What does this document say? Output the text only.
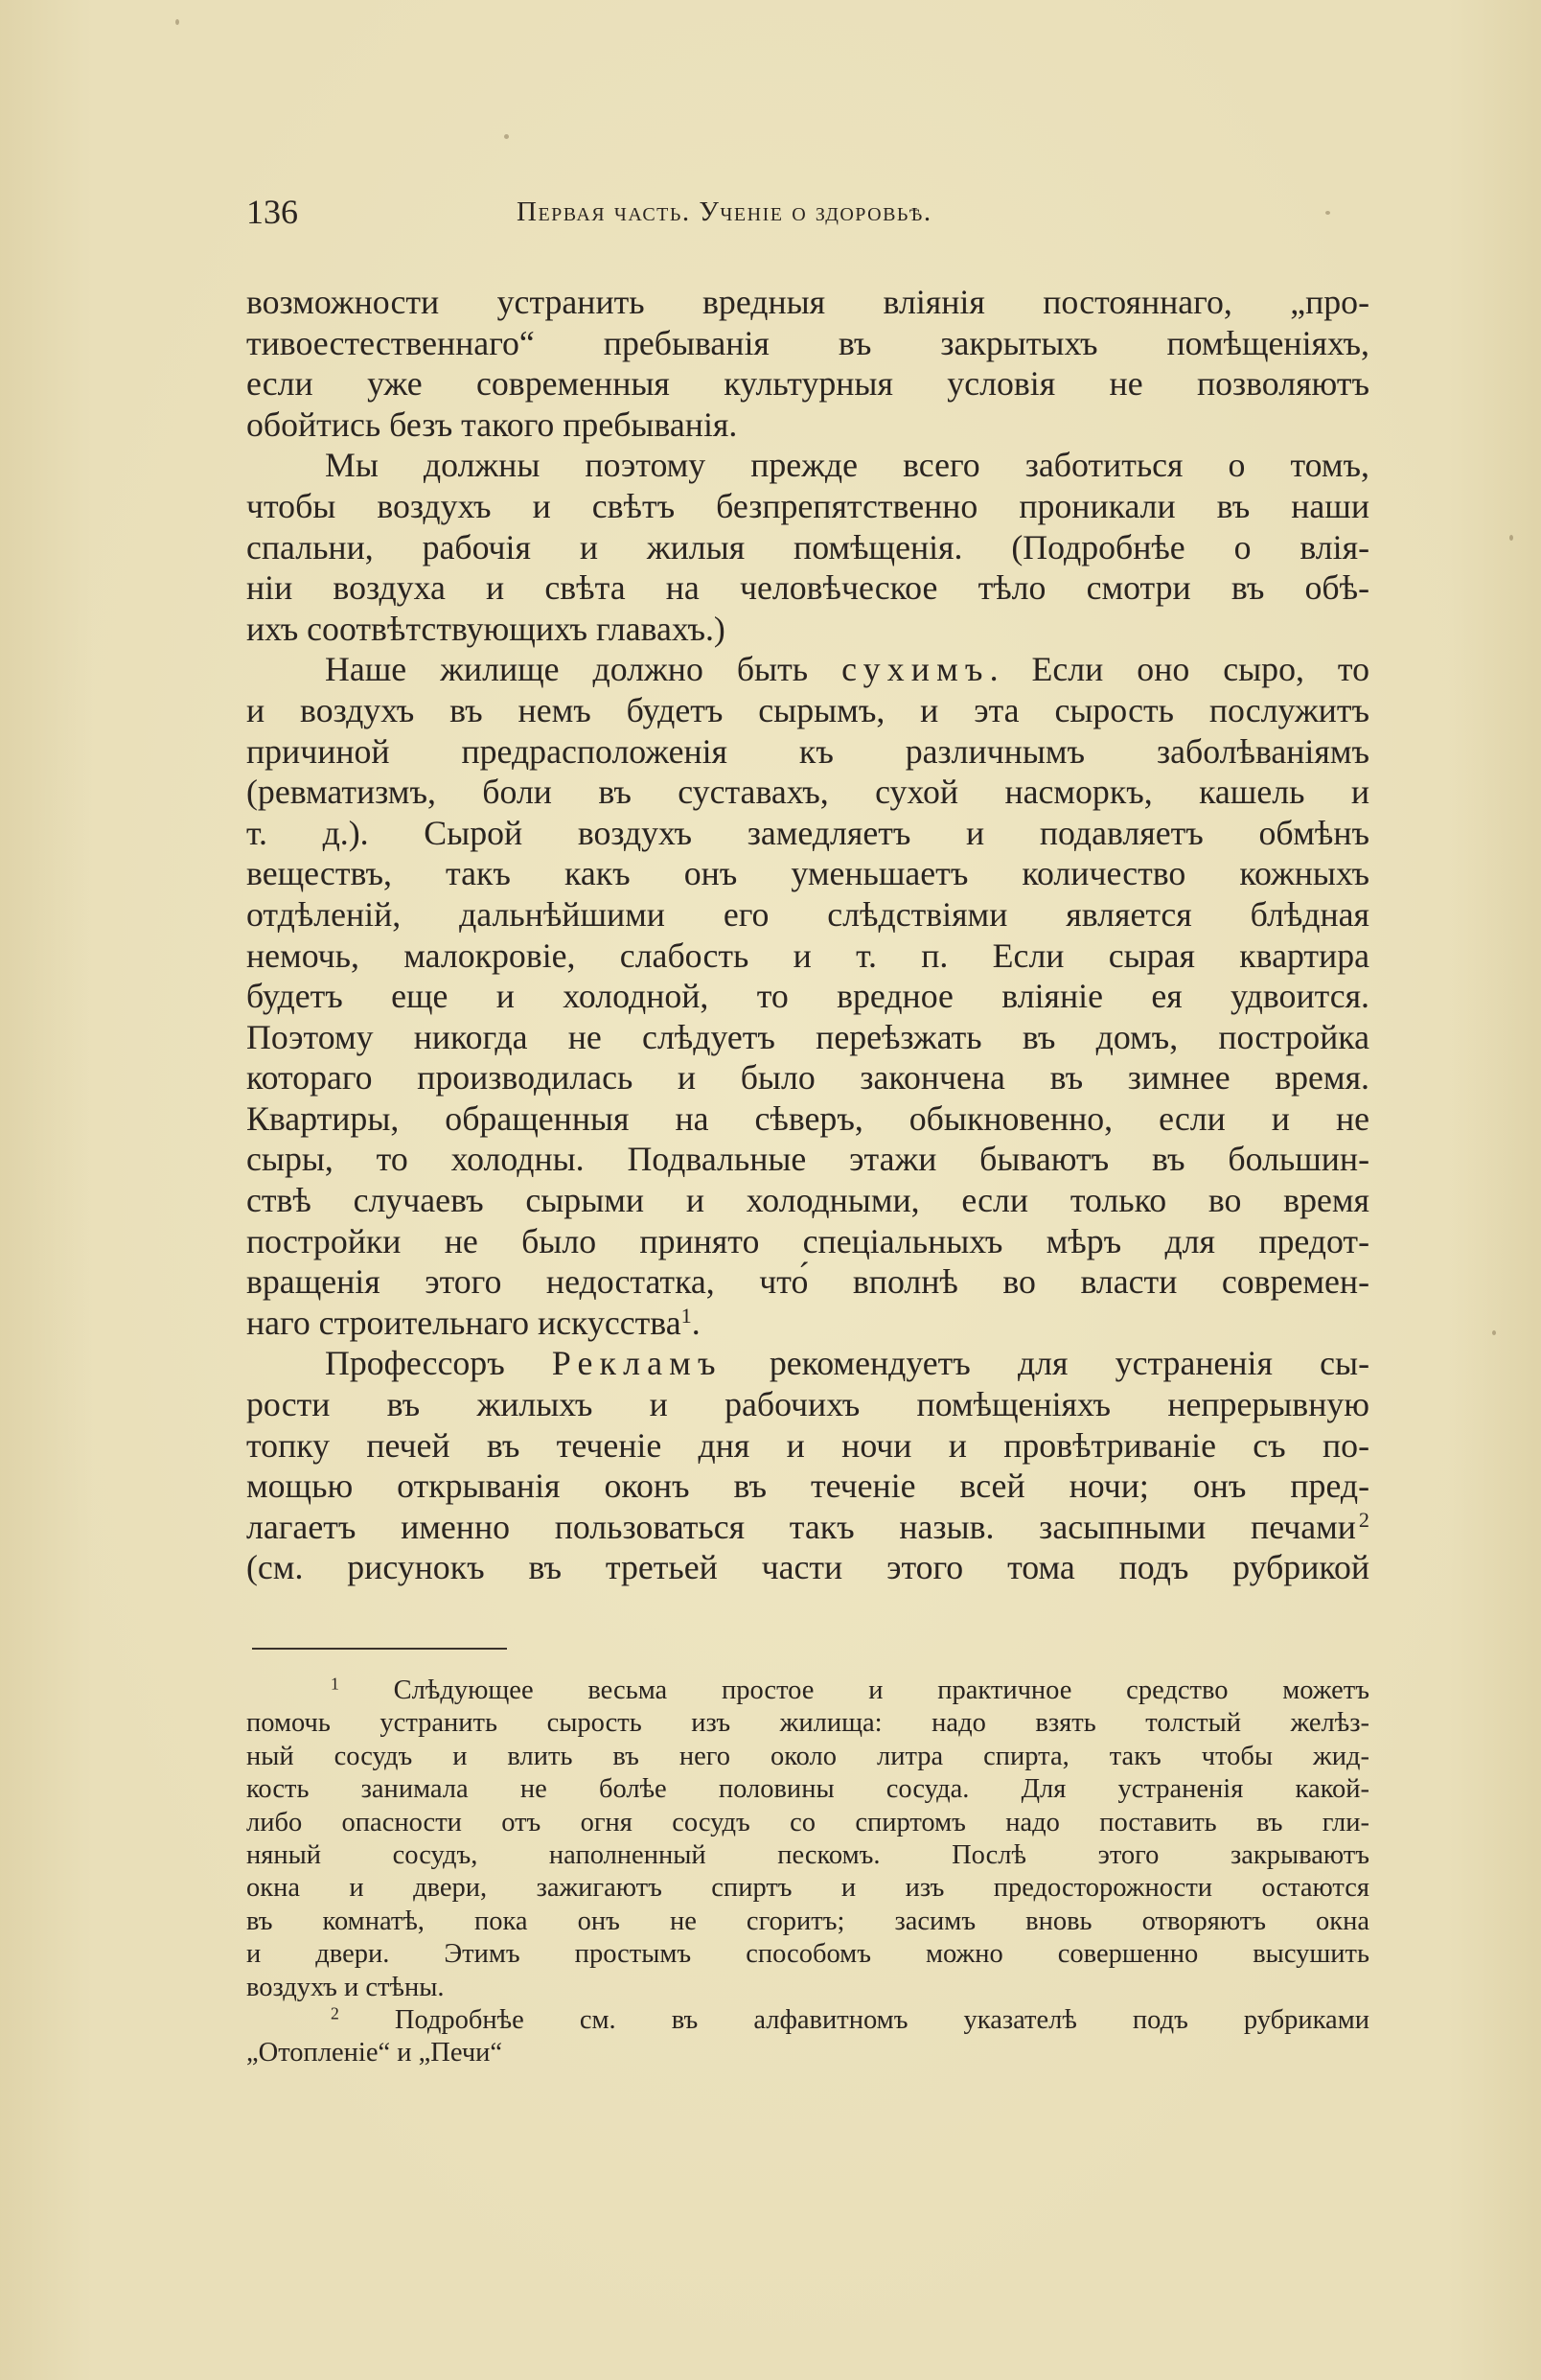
136	Первая часть. Ученіе о здоровьѣ.
возможности устранить вредныя вліянія постояннаго, „про-
тивоестественнаго“ пребыванія въ закрытыхъ помѣщеніяхъ,
если уже современныя культурныя условія не позволяютъ
обойтись безъ такого пребыванія.
Мы должны поэтому прежде всего заботиться о томъ,
чтобы воздухъ и свѣтъ безпрепятственно проникали въ наши
спальни, рабочія и жилыя помѣщенія. (Подробнѣе о влія-
ніи воздуха и свѣта на человѣческое тѣло смотри въ обѣ-
ихъ соотвѣтствующихъ главахъ.)
Наше жилище должно быть сухимъ. Если оно сыро, то
и воздухъ въ немъ будетъ сырымъ, и эта сырость послужитъ
причиной предрасположенія къ различнымъ заболѣваніямъ
(ревматизмъ, боли въ суставахъ, сухой насморкъ, кашель и
т. д.). Сырой воздухъ замедляетъ и подавляетъ обмѣнъ
веществъ, такъ какъ онъ уменьшаетъ количество кожныхъ
отдѣленій, дальнѣйшими его слѣдствіями является блѣдная
немочь, малокровіе, слабость и т. п. Если сырая квартира
будетъ еще и холодной, то вредное вліяніе ея удвоится.
Поэтому никогда не слѣдуетъ переѣзжать въ домъ, постройка
котораго производилась и было закончена въ зимнее время.
Квартиры, обращенныя на сѣверъ, обыкновенно, если и не
сыры, то холодны. Подвальные этажи бываютъ въ большин-
ствѣ случаевъ сырыми и холодными, если только во время
постройки не было принято спеціальныхъ мѣръ для предот-
вращенія этого недостатка, что́ вполнѣ во власти современ-
наго строительнаго искусства$^1$.
Профессоръ Рекламъ рекомендуетъ для устраненія сы-
рости въ жилыхъ и рабочихъ помѣщеніяхъ непрерывную
топку печей въ теченіе дня и ночи и провѣтриваніе съ по-
мощью открыванія оконъ въ теченіе всей ночи; онъ пред-
лагаетъ именно пользоваться такъ назыв. засыпными печами  $^2$
(см. рисунокъ въ третьей части этого тома подъ рубрикой
$^1$ Слѣдующее весьма простое и практичное средство можетъ
помочь устранить сырость изъ жилища: надо взять толстый желѣз-
ный сосудъ и влить въ него около литра спирта, такъ чтобы жид-
кость занимала не болѣе половины сосуда. Для устраненія какой-
либо опасности отъ огня сосудъ со спиртомъ надо поставить въ гли-
няный сосудъ, наполненный пескомъ. Послѣ этого закрываютъ
окна и двери, зажигаютъ спиртъ и изъ предосторожности остаются
въ комнатѣ, пока онъ не сгоритъ; засимъ вновь отворяютъ окна
и двери. Этимъ простымъ способомъ можно совершенно высушить
воздухъ и стѣны.
$^2$ Подробнѣе см. въ алфавитномъ указателѣ подъ рубриками
„Отопленіе“ и „Печи“
